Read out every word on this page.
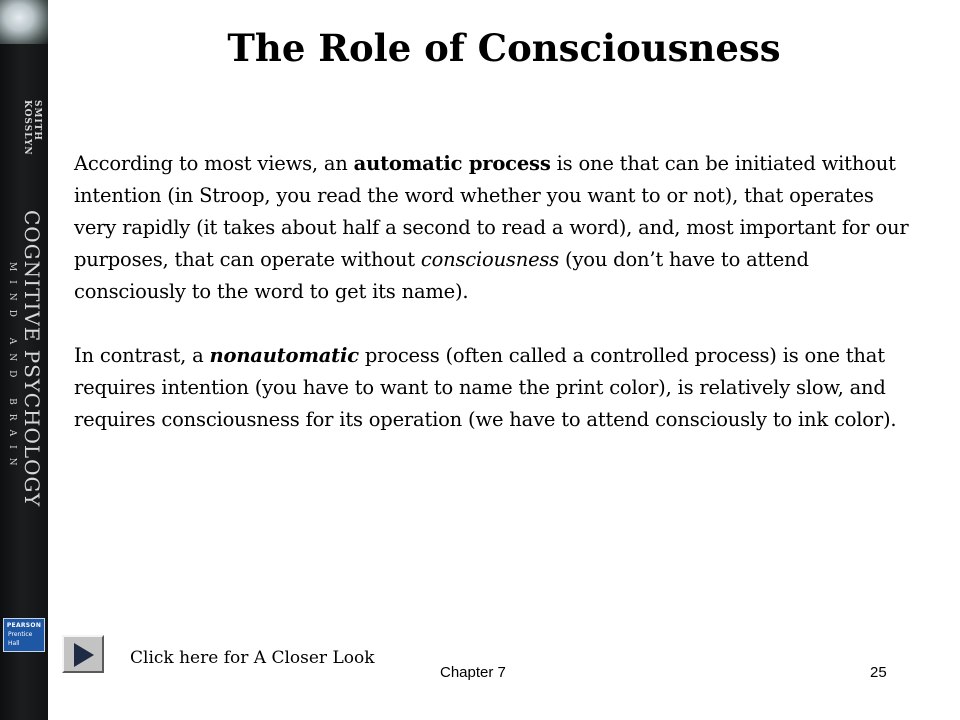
SMITH
KOSSLYN
COGNITIVE PSYCHOLOGY
MIND AND BRAIN
PEARSON
Prentice
Hall
The Role of Consciousness

According to most views, an automatic process is one that can be initiated without intention (in Stroop, you read the word whether you want to or not), that operates very rapidly (it takes about half a second to read a word), and, most important for our purposes, that can operate without consciousness (you don’t have to attend consciously to the word to get its name).

In contrast, a nonautomatic process (often called a controlled process) is one that requires intention (you have to want to name the print color), is relatively slow, and requires consciousness for its operation (we have to attend consciously to ink color).

Click here for A Closer Look
Chapter 7	25
